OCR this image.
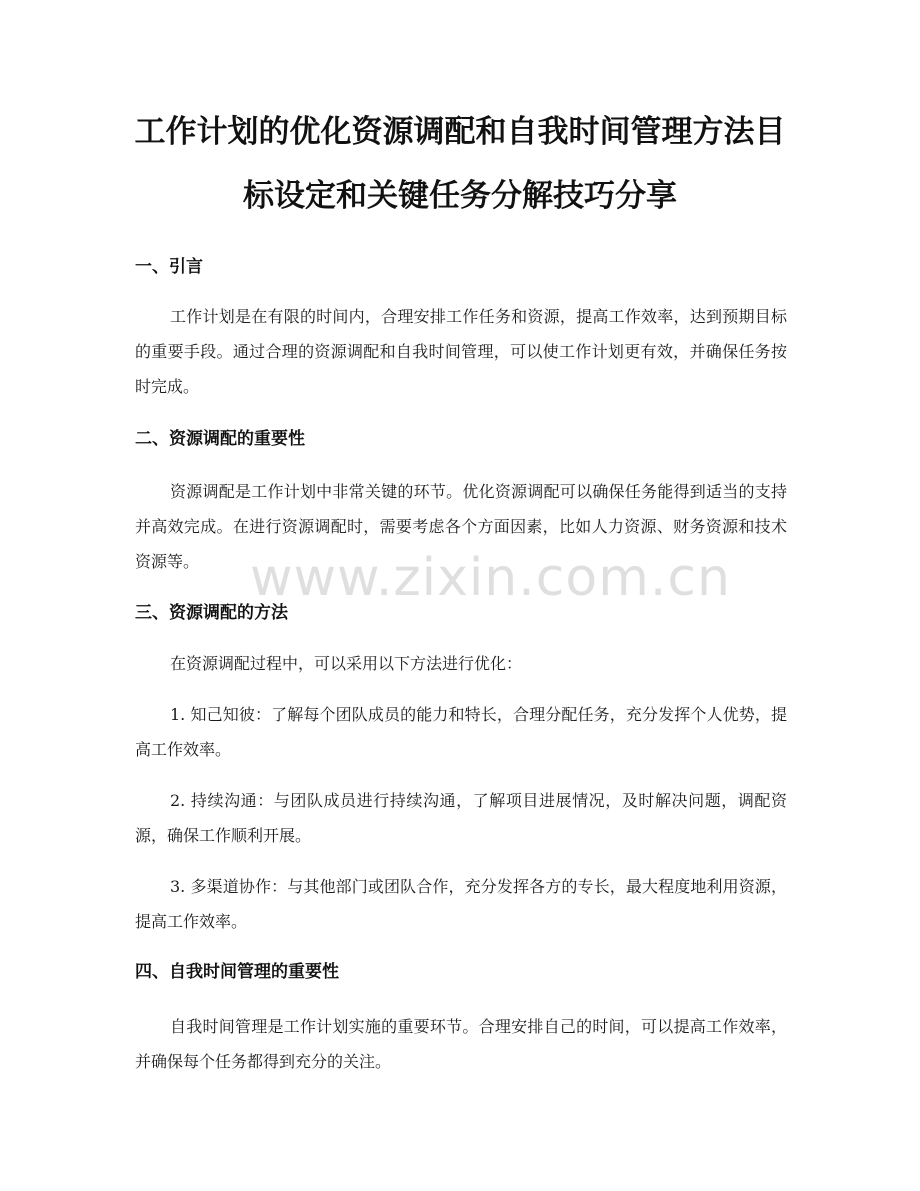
工作计划的优化资源调配和自我时间管理方法目标设定和关键任务分解技巧分享
一、引言

工作计划是在有限的时间内，合理安排工作任务和资源，提高工作效率，达到预期目标的重要手段。通过合理的资源调配和自我时间管理，可以使工作计划更有效，并确保任务按时完成。

二、资源调配的重要性

资源调配是工作计划中非常关键的环节。优化资源调配可以确保任务能得到适当的支持并高效完成。在进行资源调配时，需要考虑各个方面因素，比如人力资源、财务资源和技术资源等。

三、资源调配的方法

在资源调配过程中，可以采用以下方法进行优化：

1. 知己知彼：了解每个团队成员的能力和特长，合理分配任务，充分发挥个人优势，提高工作效率。

2. 持续沟通：与团队成员进行持续沟通，了解项目进展情况，及时解决问题，调配资源，确保工作顺利开展。

3. 多渠道协作：与其他部门或团队合作，充分发挥各方的专长，最大程度地利用资源，提高工作效率。

四、自我时间管理的重要性

自我时间管理是工作计划实施的重要环节。合理安排自己的时间，可以提高工作效率，并确保每个任务都得到充分的关注。

www.zixin.com.cn
